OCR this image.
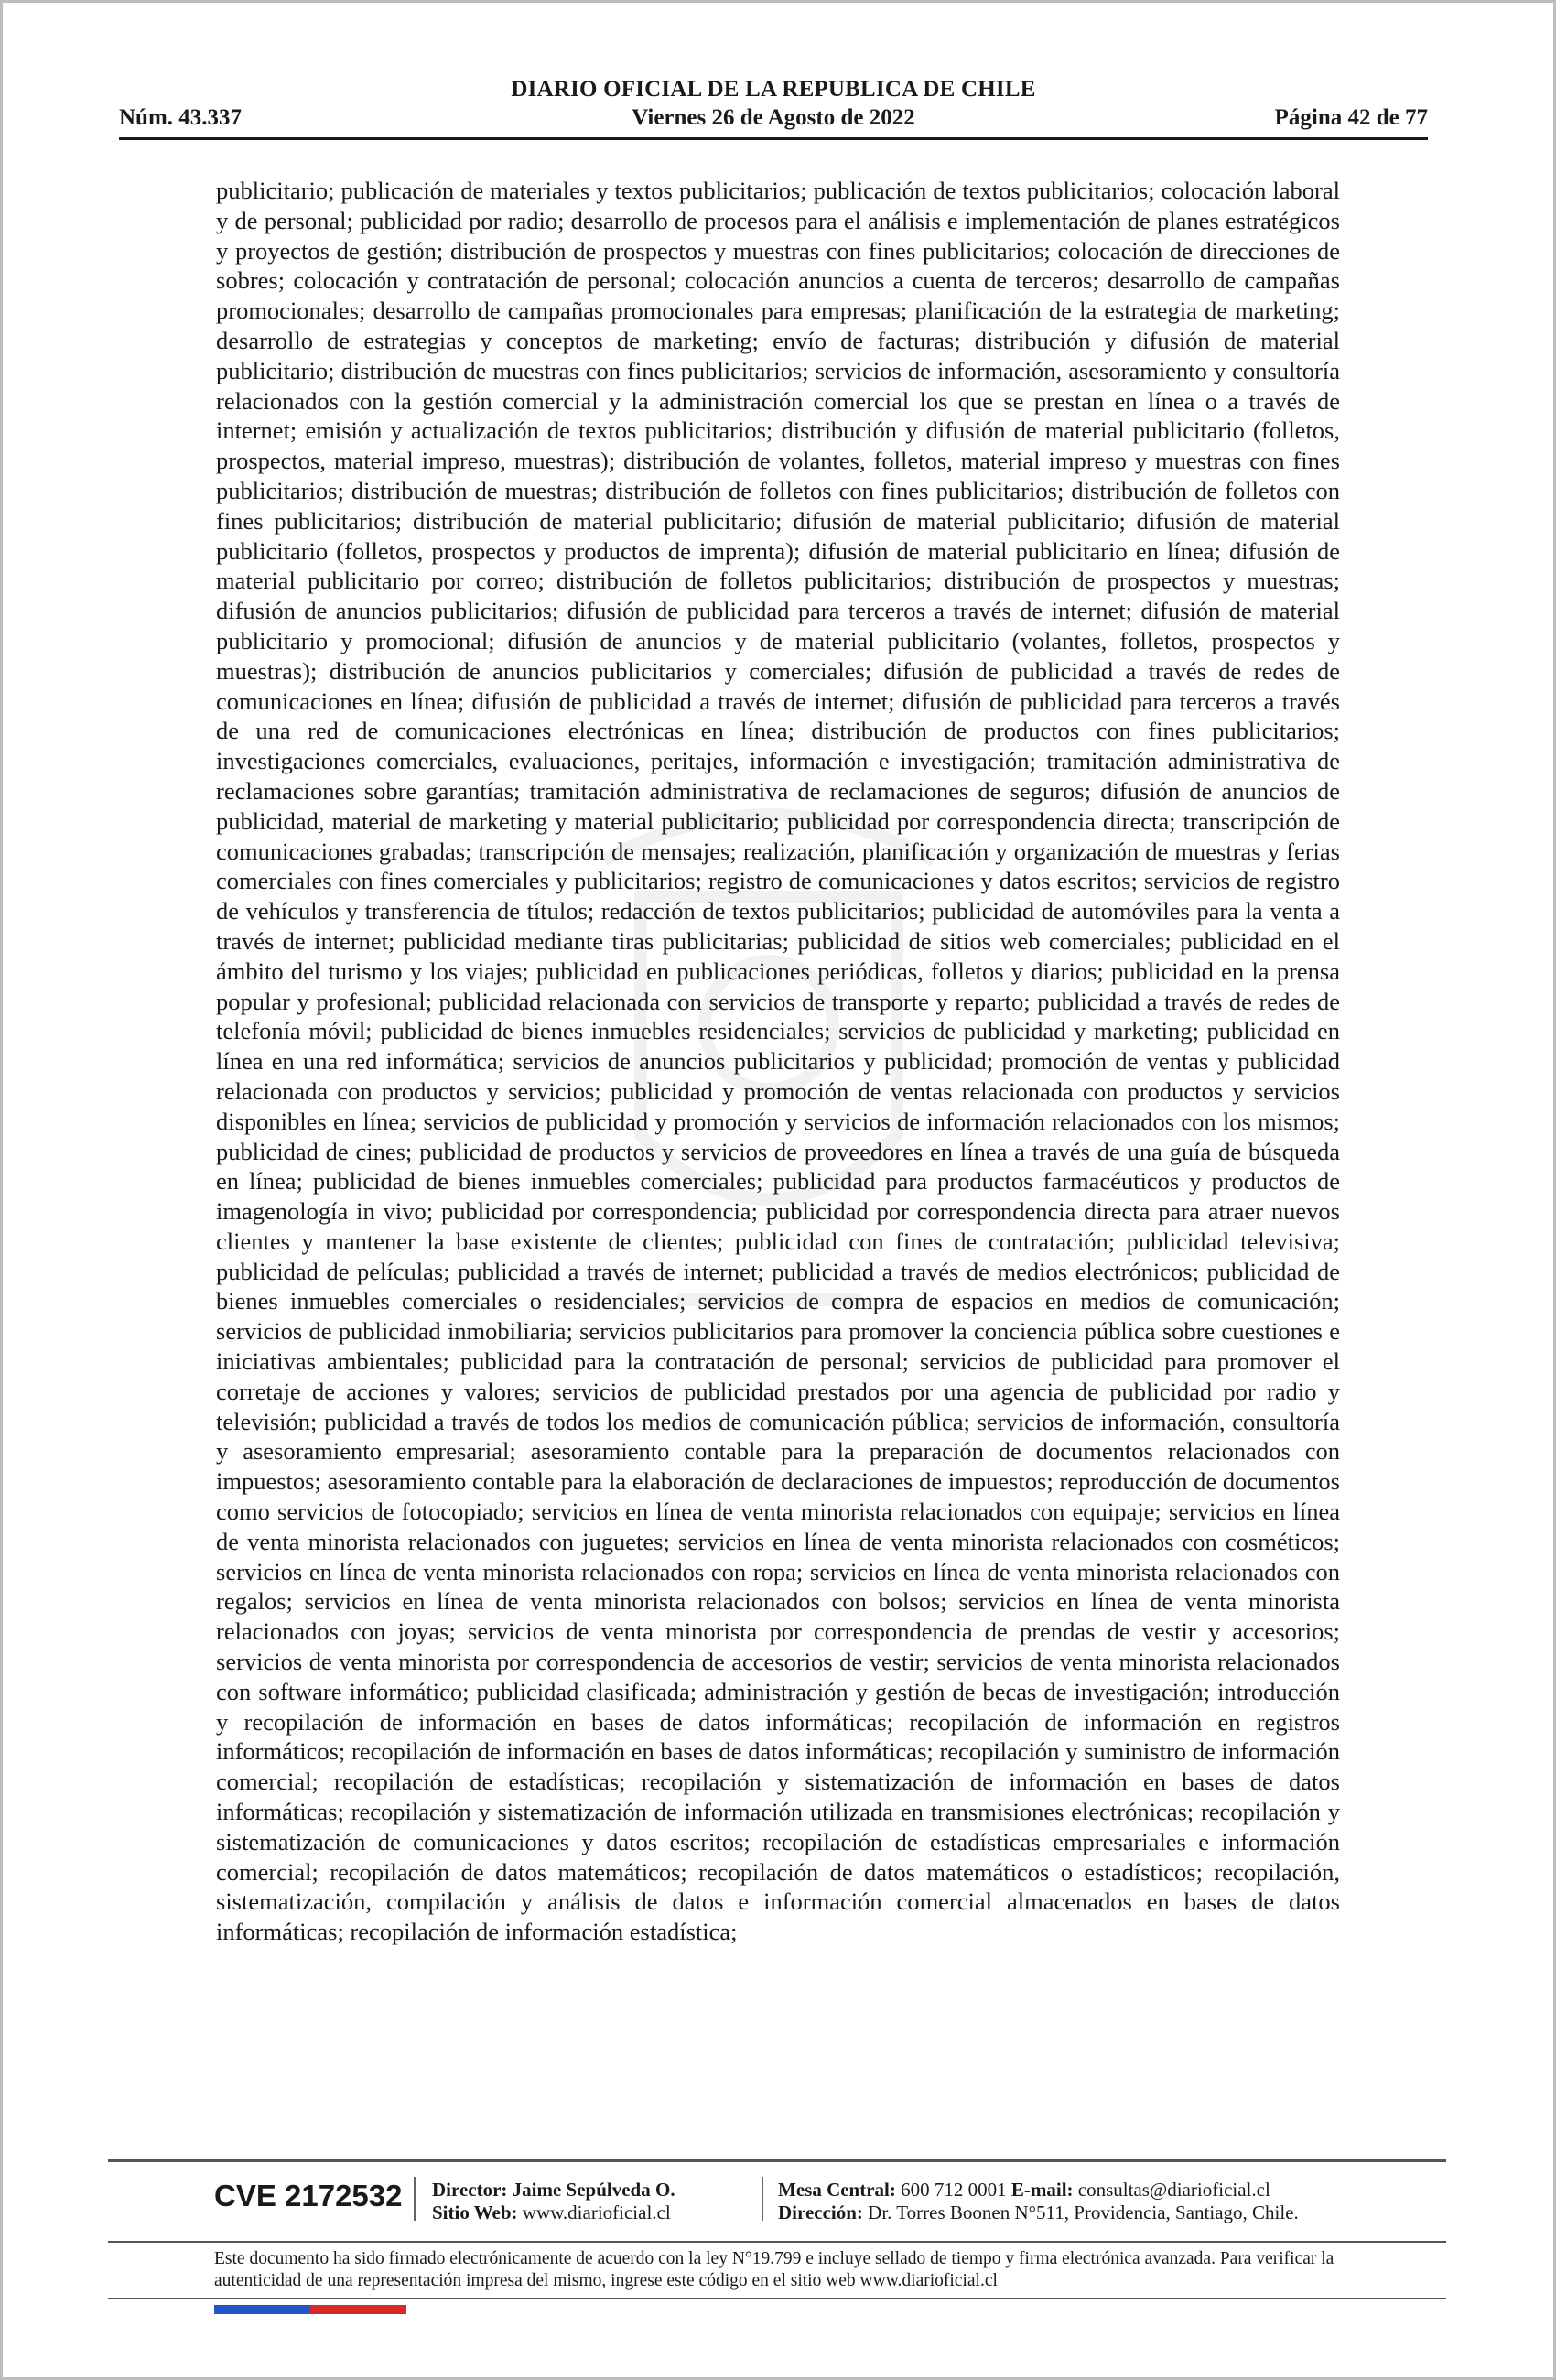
DIARIO OFICIAL DE LA REPUBLICA DE CHILE
Núm. 43.337	Viernes 26 de Agosto de 2022	Página 42 de 77
publicitario; publicación de materiales y textos publicitarios; publicación de textos publicitarios; colocación laboral y de personal; publicidad por radio; desarrollo de procesos para el análisis e implementación de planes estratégicos y proyectos de gestión; distribución de prospectos y muestras con fines publicitarios; colocación de direcciones de sobres; colocación y contratación de personal; colocación anuncios a cuenta de terceros; desarrollo de campañas promocionales; desarrollo de campañas promocionales para empresas; planificación de la estrategia de marketing; desarrollo de estrategias y conceptos de marketing; envío de facturas; distribución y difusión de material publicitario; distribución de muestras con fines publicitarios; servicios de información, asesoramiento y consultoría relacionados con la gestión comercial y la administración comercial los que se prestan en línea o a través de internet; emisión y actualización de textos publicitarios; distribución y difusión de material publicitario (folletos, prospectos, material impreso, muestras); distribución de volantes, folletos, material impreso y muestras con fines publicitarios; distribución de muestras; distribución de folletos con fines publicitarios; distribución de folletos con fines publicitarios; distribución de material publicitario; difusión de material publicitario; difusión de material publicitario (folletos, prospectos y productos de imprenta); difusión de material publicitario en línea; difusión de material publicitario por correo; distribución de folletos publicitarios; distribución de prospectos y muestras; difusión de anuncios publicitarios; difusión de publicidad para terceros a través de internet; difusión de material publicitario y promocional; difusión de anuncios y de material publicitario (volantes, folletos, prospectos y muestras); distribución de anuncios publicitarios y comerciales; difusión de publicidad a través de redes de comunicaciones en línea; difusión de publicidad a través de internet; difusión de publicidad para terceros a través de una red de comunicaciones electrónicas en línea; distribución de productos con fines publicitarios; investigaciones comerciales, evaluaciones, peritajes, información e investigación; tramitación administrativa de reclamaciones sobre garantías; tramitación administrativa de reclamaciones de seguros; difusión de anuncios de publicidad, material de marketing y material publicitario; publicidad por correspondencia directa; transcripción de comunicaciones grabadas; transcripción de mensajes; realización, planificación y organización de muestras y ferias comerciales con fines comerciales y publicitarios; registro de comunicaciones y datos escritos; servicios de registro de vehículos y transferencia de títulos; redacción de textos publicitarios; publicidad de automóviles para la venta a través de internet; publicidad mediante tiras publicitarias; publicidad de sitios web comerciales; publicidad en el ámbito del turismo y los viajes; publicidad en publicaciones periódicas, folletos y diarios; publicidad en la prensa popular y profesional; publicidad relacionada con servicios de transporte y reparto; publicidad a través de redes de telefonía móvil; publicidad de bienes inmuebles residenciales; servicios de publicidad y marketing; publicidad en línea en una red informática; servicios de anuncios publicitarios y publicidad; promoción de ventas y publicidad relacionada con productos y servicios; publicidad y promoción de ventas relacionada con productos y servicios disponibles en línea; servicios de publicidad y promoción y servicios de información relacionados con los mismos; publicidad de cines; publicidad de productos y servicios de proveedores en línea a través de una guía de búsqueda en línea; publicidad de bienes inmuebles comerciales; publicidad para productos farmacéuticos y productos de imagenología in vivo; publicidad por correspondencia; publicidad por correspondencia directa para atraer nuevos clientes y mantener la base existente de clientes; publicidad con fines de contratación; publicidad televisiva; publicidad de películas; publicidad a través de internet; publicidad a través de medios electrónicos; publicidad de bienes inmuebles comerciales o residenciales; servicios de compra de espacios en medios de comunicación; servicios de publicidad inmobiliaria; servicios publicitarios para promover la conciencia pública sobre cuestiones e iniciativas ambientales; publicidad para la contratación de personal; servicios de publicidad para promover el corretaje de acciones y valores; servicios de publicidad prestados por una agencia de publicidad por radio y televisión; publicidad a través de todos los medios de comunicación pública; servicios de información, consultoría y asesoramiento empresarial; asesoramiento contable para la preparación de documentos relacionados con impuestos; asesoramiento contable para la elaboración de declaraciones de impuestos; reproducción de documentos como servicios de fotocopiado; servicios en línea de venta minorista relacionados con equipaje; servicios en línea de venta minorista relacionados con juguetes; servicios en línea de venta minorista relacionados con cosméticos; servicios en línea de venta minorista relacionados con ropa; servicios en línea de venta minorista relacionados con regalos; servicios en línea de venta minorista relacionados con bolsos; servicios en línea de venta minorista relacionados con joyas; servicios de venta minorista por correspondencia de prendas de vestir y accesorios; servicios de venta minorista por correspondencia de accesorios de vestir; servicios de venta minorista relacionados con software informático; publicidad clasificada; administración y gestión de becas de investigación; introducción y recopilación de información en bases de datos informáticas; recopilación de información en registros informáticos; recopilación de información en bases de datos informáticas; recopilación y suministro de información comercial; recopilación de estadísticas; recopilación y sistematización de información en bases de datos informáticas; recopilación y sistematización de información utilizada en transmisiones electrónicas; recopilación y sistematización de comunicaciones y datos escritos; recopilación de estadísticas empresariales e información comercial; recopilación de datos matemáticos; recopilación de datos matemáticos o estadísticos; recopilación, sistematización, compilación y análisis de datos e información comercial almacenados en bases de datos informáticas; recopilación de información estadística;
CVE 2172532 Director: Jaime Sepúlveda O.
Sitio Web: www.diarioficial.cl
Mesa Central: 600 712 0001 E-mail: consultas@diarioficial.cl
Dirección: Dr. Torres Boonen N°511, Providencia, Santiago, Chile.
Este documento ha sido firmado electrónicamente de acuerdo con la ley N°19.799 e incluye sellado de tiempo y firma electrónica avanzada. Para verificar la autenticidad de una representación impresa del mismo, ingrese este código en el sitio web www.diarioficial.cl
